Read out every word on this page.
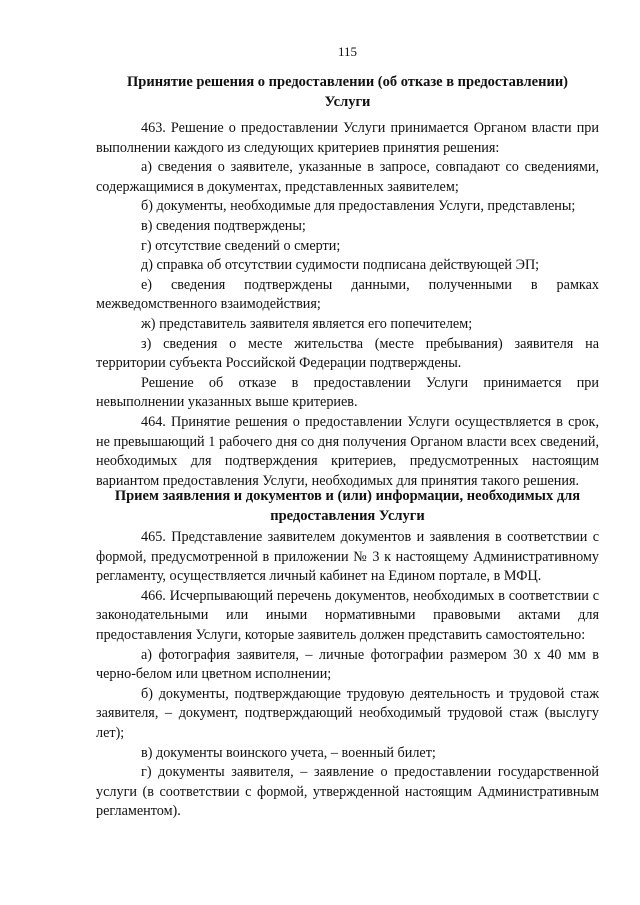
115
Принятие решения о предоставлении (об отказе в предоставлении)
Услуги

463. Решение о предоставлении Услуги принимается Органом власти при выполнении каждого из следующих критериев принятия решения:

а) сведения о заявителе, указанные в запросе, совпадают со сведениями, содержащимися в документах, представленных заявителем;

б) документы, необходимые для предоставления Услуги, представлены;

в) сведения подтверждены;

г) отсутствие сведений о смерти;

д) справка об отсутствии судимости подписана действующей ЭП;

е) сведения подтверждены данными, полученными в рамках межведомственного взаимодействия;

ж) представитель заявителя является его попечителем;

з) сведения о месте жительства (месте пребывания) заявителя на территории субъекта Российской Федерации подтверждены.

Решение об отказе в предоставлении Услуги принимается при невыполнении указанных выше критериев.

464. Принятие решения о предоставлении Услуги осуществляется в срок, не превышающий 1 рабочего дня со дня получения Органом власти всех сведений, необходимых для подтверждения критериев, предусмотренных настоящим вариантом предоставления Услуги, необходимых для принятия такого решения.

Прием заявления и документов и (или) информации, необходимых для
предоставления Услуги

465. Представление заявителем документов и заявления в соответствии с формой, предусмотренной в приложении № 3 к настоящему Административному регламенту, осуществляется личный кабинет на Едином портале, в МФЦ.

466. Исчерпывающий перечень документов, необходимых в соответствии с законодательными или иными нормативными правовыми актами для предоставления Услуги, которые заявитель должен представить самостоятельно:

а) фотография заявителя, – личные фотографии размером 30 х 40 мм в черно-белом или цветном исполнении;

б) документы, подтверждающие трудовую деятельность и трудовой стаж заявителя, – документ, подтверждающий необходимый трудовой стаж (выслугу лет);

в) документы воинского учета, – военный билет;

г) документы заявителя, – заявление о предоставлении государственной услуги (в соответствии с формой, утвержденной настоящим Административным регламентом).
